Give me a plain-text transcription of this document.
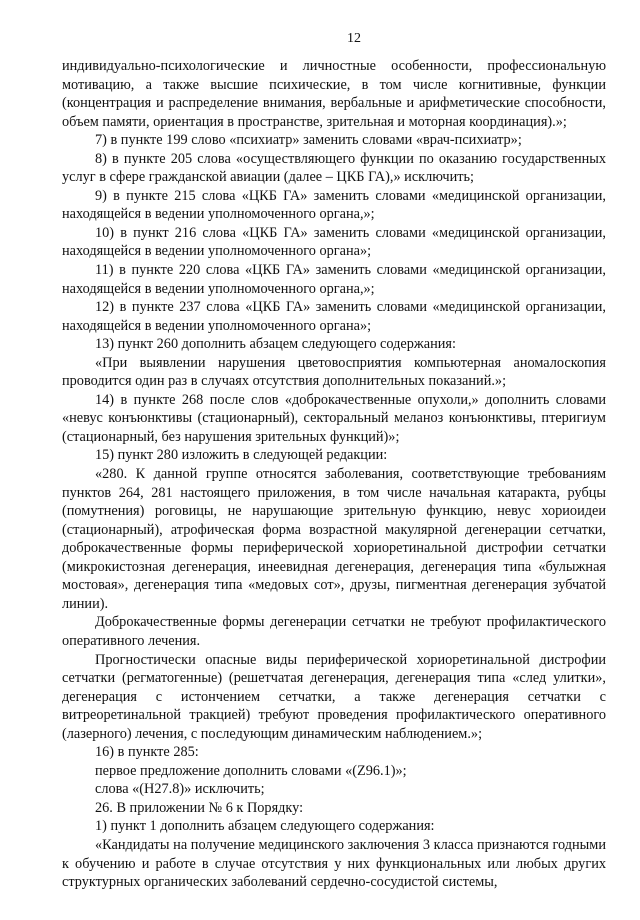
12

индивидуально-психологические и личностные особенности, профессиональную мотивацию, а также высшие психические, в том числе когнитивные, функции (концентрация и распределение внимания, вербальные и арифметические способности, объем памяти, ориентация в пространстве, зрительная и моторная координация).»;

7) в пункте 199 слово «психиатр» заменить словами «врач-психиатр»;

8) в пункте 205 слова «осуществляющего функции по оказанию государственных услуг в сфере гражданской авиации (далее – ЦКБ ГА),» исключить;

9) в пункте 215 слова «ЦКБ ГА» заменить словами «медицинской организации, находящейся в ведении уполномоченного органа,»;

10) в пункт 216 слова «ЦКБ ГА» заменить словами «медицинской организации, находящейся в ведении уполномоченного органа»;

11) в пункте 220 слова «ЦКБ ГА» заменить словами «медицинской организации, находящейся в ведении уполномоченного органа,»;

12) в пункте 237 слова «ЦКБ ГА» заменить словами «медицинской организации, находящейся в ведении уполномоченного органа»;

13) пункт 260 дополнить абзацем следующего содержания:

«При выявлении нарушения цветовосприятия компьютерная аномалоскопия проводится один раз в случаях отсутствия дополнительных показаний.»;

14) в пункте 268 после слов «доброкачественные опухоли,» дополнить словами «невус конъюнктивы (стационарный), секторальный меланоз конъюнктивы, птеригиум (стационарный, без нарушения зрительных функций)»;

15) пункт 280 изложить в следующей редакции:

«280. К данной группе относятся заболевания, соответствующие требованиям пунктов 264, 281 настоящего приложения, в том числе начальная катаракта, рубцы (помутнения) роговицы, не нарушающие зрительную функцию, невус хориоидеи (стационарный), атрофическая форма возрастной макулярной дегенерации сетчатки, доброкачественные формы периферической хориоретинальной дистрофии сетчатки (микрокистозная дегенерация, инеевидная дегенерация, дегенерация типа «булыжная мостовая», дегенерация типа «медовых сот», друзы, пигментная дегенерация зубчатой линии).

Доброкачественные формы дегенерации сетчатки не требуют профилактического оперативного лечения.

Прогностически опасные виды периферической хориоретинальной дистрофии сетчатки (регматогенные) (решетчатая дегенерация, дегенерация типа «след улитки», дегенерация с истончением сетчатки, а также дегенерация сетчатки с витреоретинальной тракцией) требуют проведения профилактического оперативного (лазерного) лечения, с последующим динамическим наблюдением.»;

16) в пункте 285:

первое предложение дополнить словами «(Z96.1)»;

слова «(Н27.8)» исключить;

26. В приложении № 6 к Порядку:

1) пункт 1 дополнить абзацем следующего содержания:

«Кандидаты на получение медицинского заключения 3 класса признаются годными к обучению и работе в случае отсутствия у них функциональных или любых других структурных органических заболеваний сердечно-сосудистой системы,
